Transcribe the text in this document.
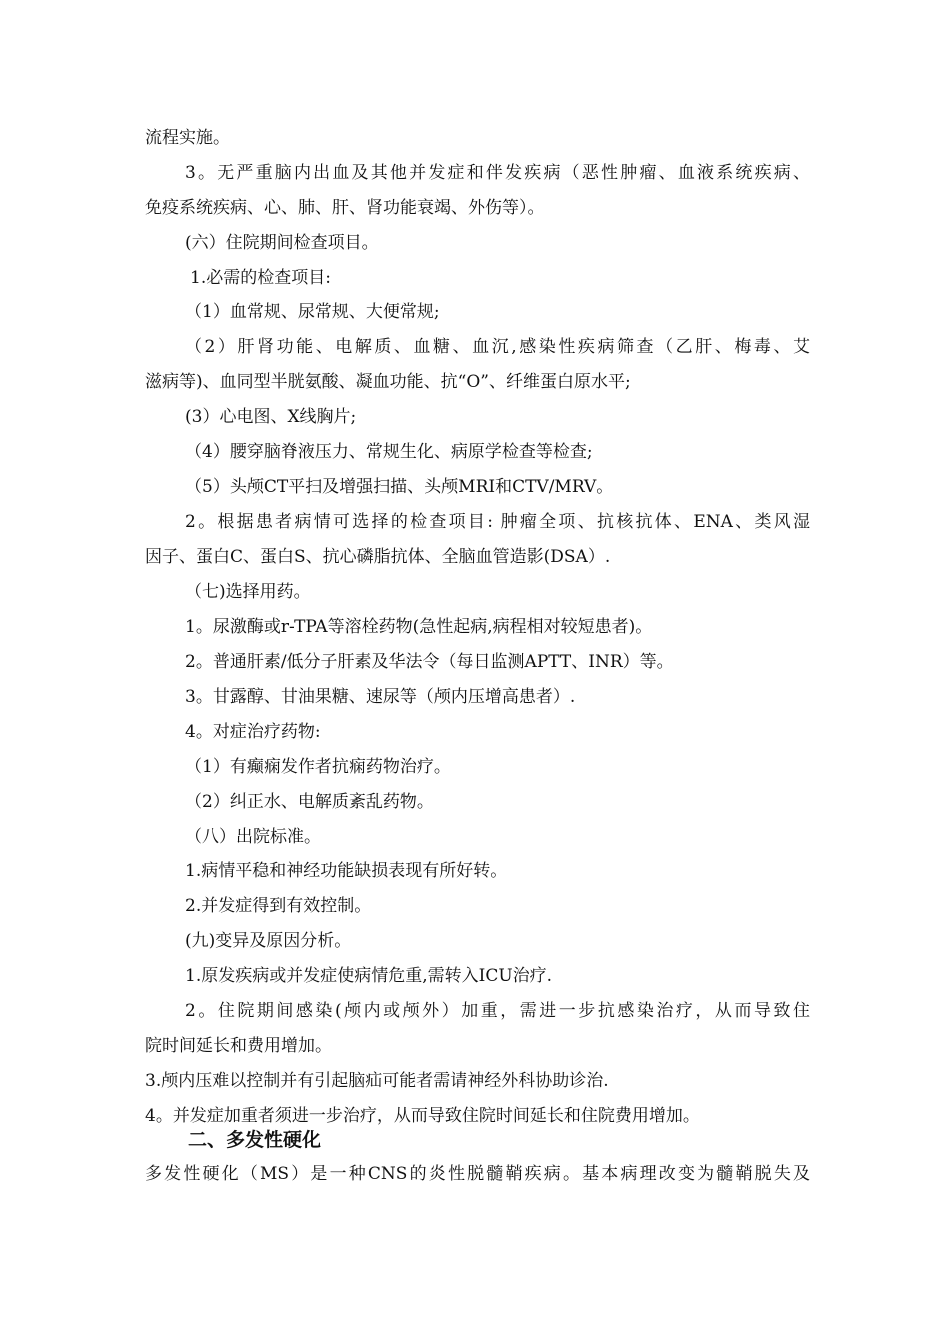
流程实施。
3。无严重脑内出血及其他并发症和伴发疾病（恶性肿瘤、血液系统疾病、
免疫系统疾病、心、肺、肝、肾功能衰竭、外伤等）。
(六）住院期间检查项目。
1.必需的检查项目:
（1）血常规、尿常规、大便常规;
（2）肝肾功能、电解质、血糖、血沉,感染性疾病筛查（乙肝、梅毒、艾
滋病等)、血同型半胱氨酸、凝血功能、抗“O”、纤维蛋白原水平;
(3）心电图、X线胸片;
（4）腰穿脑脊液压力、常规生化、病原学检查等检查;
（5）头颅CT平扫及增强扫描、头颅MRI和CTV/MRV。
2。根据患者病情可选择的检查项目: 肿瘤全项、抗核抗体、ENA、类风湿
因子、蛋白C、蛋白S、抗心磷脂抗体、全脑血管造影(DSA）.
（七)选择用药。
1。尿激酶或r-TPA等溶栓药物(急性起病,病程相对较短患者)。
2。普通肝素/低分子肝素及华法令（每日监测APTT、INR）等。
3。甘露醇、甘油果糖、速尿等（颅内压增高患者）.
4。对症治疗药物:
（1）有癫痫发作者抗痫药物治疗。
（2）纠正水、电解质紊乱药物。
（八）出院标准。
1.病情平稳和神经功能缺损表现有所好转。
2.并发症得到有效控制。
(九)变异及原因分析。
1.原发疾病或并发症使病情危重,需转入ICU治疗.
2。住院期间感染(颅内或颅外）加重，需进一步抗感染治疗，从而导致住
院时间延长和费用增加。
3.颅内压难以控制并有引起脑疝可能者需请神经外科协助诊治.
4。并发症加重者须进一步治疗，从而导致住院时间延长和住院费用增加。
二、多发性硬化
多发性硬化（MS）是一种CNS的炎性脱髓鞘疾病。基本病理改变为髓鞘脱失及
